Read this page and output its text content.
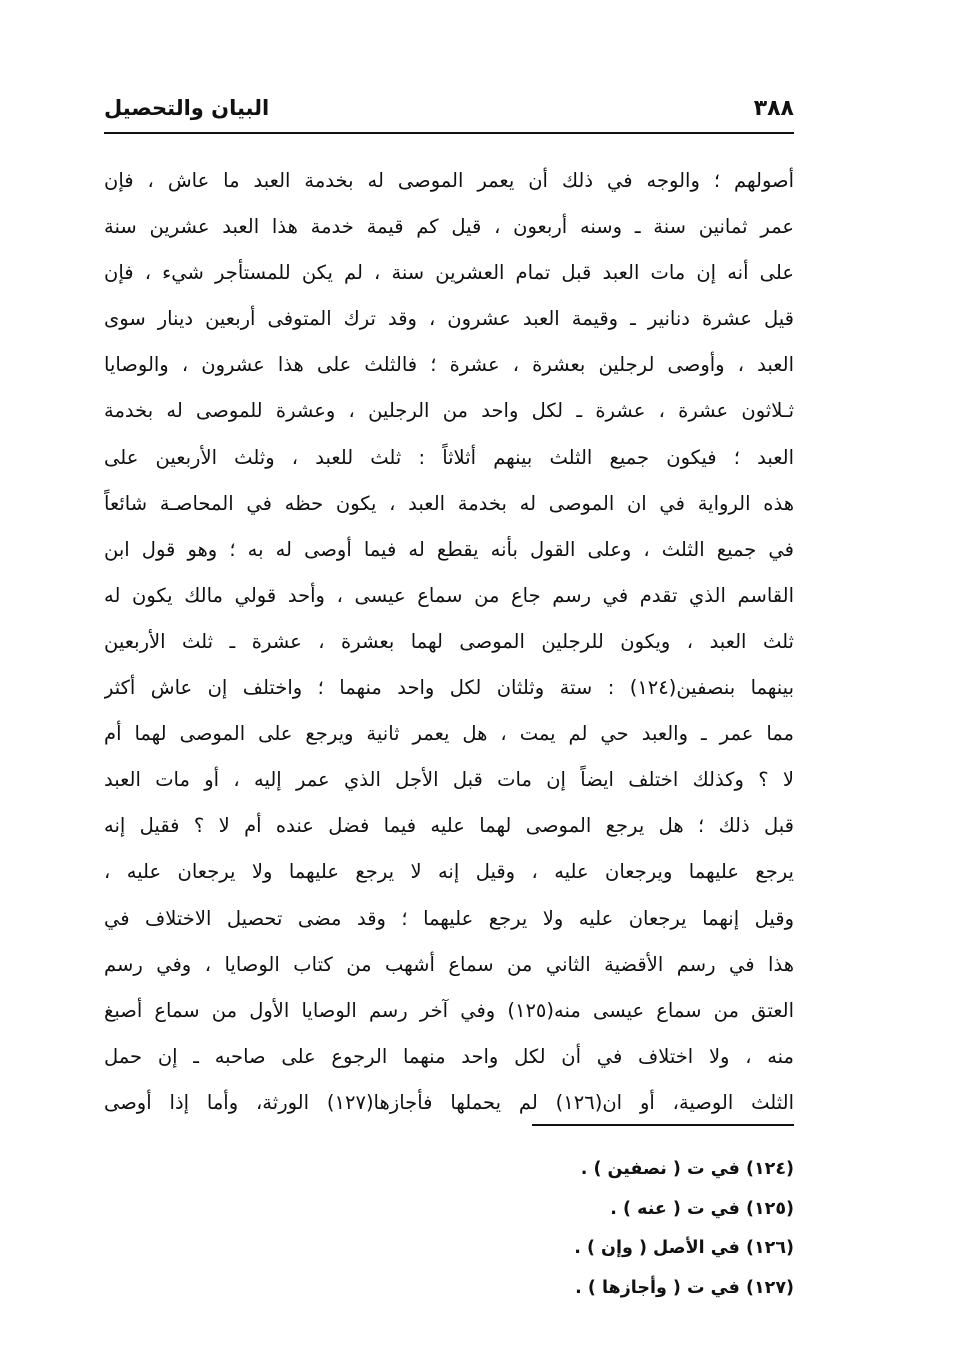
٣٨٨
البيان والتحصيل
أصولهم ؛ والوجه في ذلك أن يعمر الموصى له بخدمة العبد ما عاش ، فإن
عمر ثمانين سنة ـ وسنه أربعون ، قيل كم قيمة خدمة هذا العبد عشرين سنة
على أنه إن مات العبد قبل تمام العشرين سنة ، لم يكن للمستأجر شيء ، فإن
قيل عشرة دنانير ـ وقيمة العبد عشرون ، وقد ترك المتوفى أربعين دينار سوى
العبد ، وأوصى لرجلين بعشرة ، عشرة ؛ فالثلث على هذا عشرون ، والوصايا
ثـلاثون عشرة ، عشرة ـ لكل واحد من الرجلين ، وعشرة للموصى له بخدمة
العبد ؛ فيكون جميع الثلث بينهم أثلاثاً : ثلث للعبد ، وثلث الأربعين على
هذه الرواية في ان الموصى له بخدمة العبد ، يكون حظه في المحاصـة شائعاً
في جميع الثلث ، وعلى القول بأنه يقطع له فيما أوصى له به ؛ وهو قول ابن
القاسم الذي تقدم في رسم جاع من سماع عيسى ، وأحد قولي مالك يكون له
ثلث العبد ، ويكون للرجلين الموصى لهما بعشرة ، عشرة ـ ثلث الأربعين
بينهما بنصفين(١٢٤) : ستة وثلثان لكل واحد منهما ؛ واختلف إن عاش أكثر
مما عمر ـ والعبد حي لم يمت ، هل يعمر ثانية ويرجع على الموصى لهما أم
لا ؟ وكذلك اختلف ايضاً إن مات قبل الأجل الذي عمر إليه ، أو مات العبد
قبل ذلك ؛ هل يرجع الموصى لهما عليه فيما فضل عنده أم لا ؟ فقيل إنه
يرجع عليهما ويرجعان عليه ، وقيل إنه لا يرجع عليهما ولا يرجعان عليه ،
وقيل إنهما يرجعان عليه ولا يرجع عليهما ؛ وقد مضى تحصيل الاختلاف في
هذا في رسم الأقضية الثاني من سماع أشهب من كتاب الوصايا ، وفي رسم
العتق من سماع عيسى منه(١٢٥) وفي آخر رسم الوصايا الأول من سماع أصبغ
منه ، ولا اختلاف في أن لكل واحد منهما الرجوع على صاحبه ـ إن حمل
الثلث الوصية، أو ان(١٢٦) لم يحملها فأجازها(١٢٧) الورثة، وأما إذا أوصى
(١٢٤) في ت ( نصفين ) .
(١٢٥) في ت ( عنه ) .
(١٢٦) في الأصل ( وإن ) .
(١٢٧) في ت ( وأجازها ) .
